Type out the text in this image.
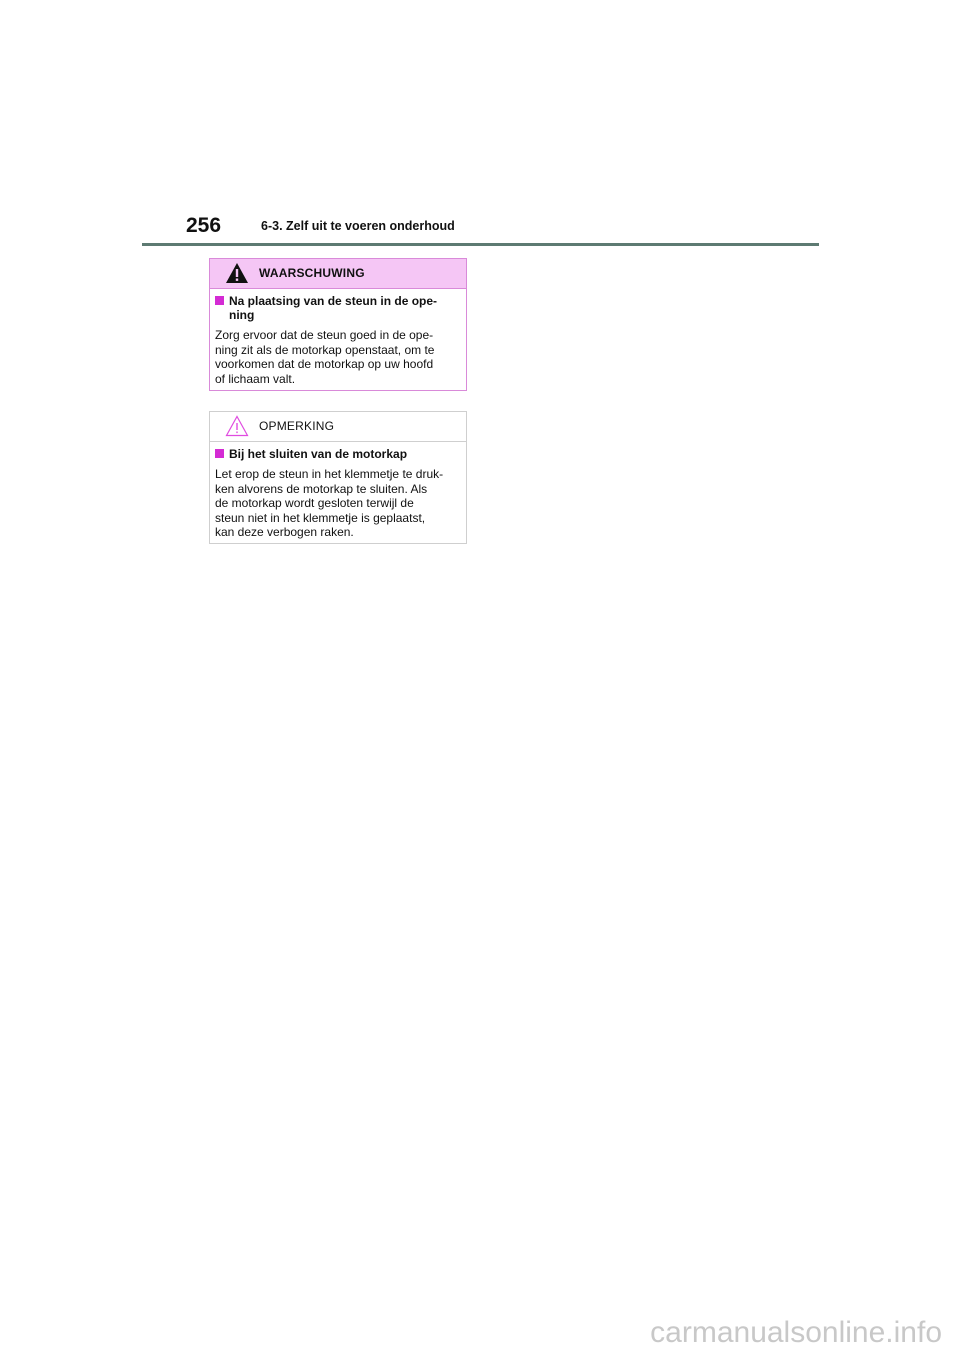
256	6-3. Zelf uit te voeren onderhoud
WAARSCHUWING
Na plaatsing van de steun in de ope-
ning
Zorg ervoor dat de steun goed in de ope-
ning zit als de motorkap openstaat, om te
voorkomen dat de motorkap op uw hoofd
of lichaam valt.
OPMERKING
Bij het sluiten van de motorkap
Let erop de steun in het klemmetje te druk-
ken alvorens de motorkap te sluiten. Als
de motorkap wordt gesloten terwijl de
steun niet in het klemmetje is geplaatst,
kan deze verbogen raken.
carmanualsonline.info
